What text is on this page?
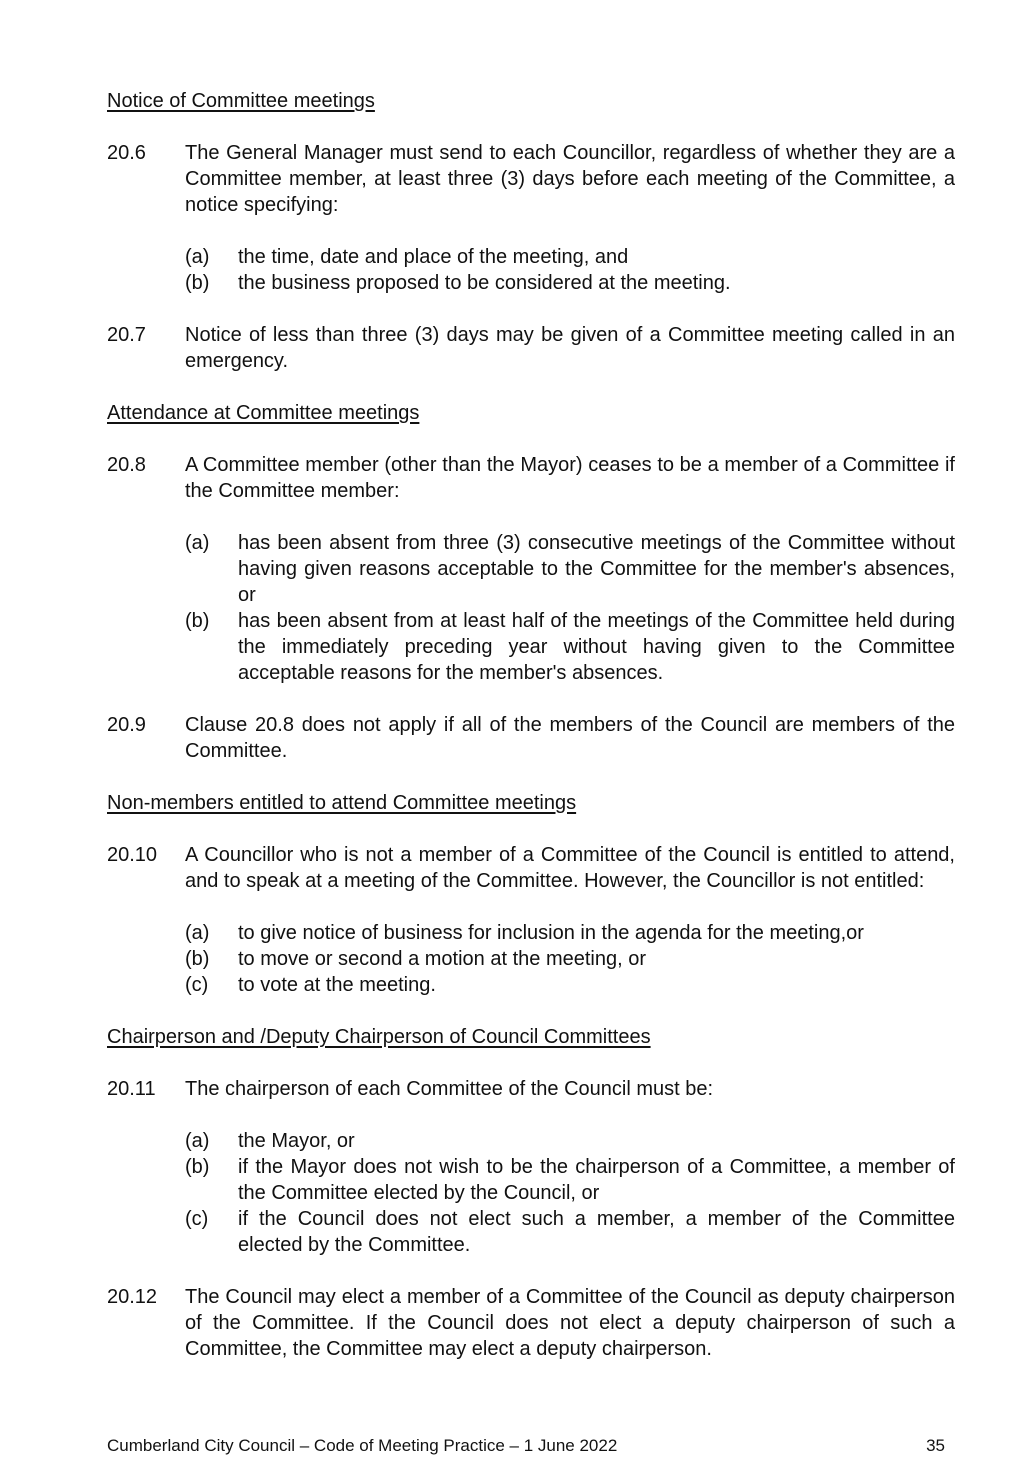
Notice of Committee meetings

20.6	The General Manager must send to each Councillor, regardless of whether they are a Committee member, at least three (3) days before each meeting of the Committee, a notice specifying:
(a)	the time, date and place of the meeting, and
(b)	the business proposed to be considered at the meeting.
20.7	Notice of less than three (3) days may be given of a Committee meeting called in an emergency.

Attendance at Committee meetings

20.8	A Committee member (other than the Mayor) ceases to be a member of a Committee if the Committee member:
(a)	has been absent from three (3) consecutive meetings of the Committee without having given reasons acceptable to the Committee for the member's absences, or
(b)	has been absent from at least half of the meetings of the Committee held during the immediately preceding year without having given to the Committee acceptable reasons for the member's absences.
20.9	Clause 20.8 does not apply if all of the members of the Council are members of the Committee.

Non-members entitled to attend Committee meetings

20.10	A Councillor who is not a member of a Committee of the Council is entitled to attend, and to speak at a meeting of the Committee. However, the Councillor is not entitled:
(a)	to give notice of business for inclusion in the agenda for the meeting,or
(b)	to move or second a motion at the meeting, or
(c)	to vote at the meeting.

Chairperson and /Deputy Chairperson of Council Committees

20.11	The chairperson of each Committee of the Council must be:
(a)	the Mayor, or
(b)	if the Mayor does not wish to be the chairperson of a Committee, a member of the Committee elected by the Council, or
(c)	if the Council does not elect such a member, a member of the Committee elected by the Committee.
20.12	The Council may elect a member of a Committee of the Council as deputy chairperson of the Committee. If the Council does not elect a deputy chairperson of such a Committee, the Committee may elect a deputy chairperson.
Cumberland City Council – Code of Meeting Practice – 1 June 2022	35
